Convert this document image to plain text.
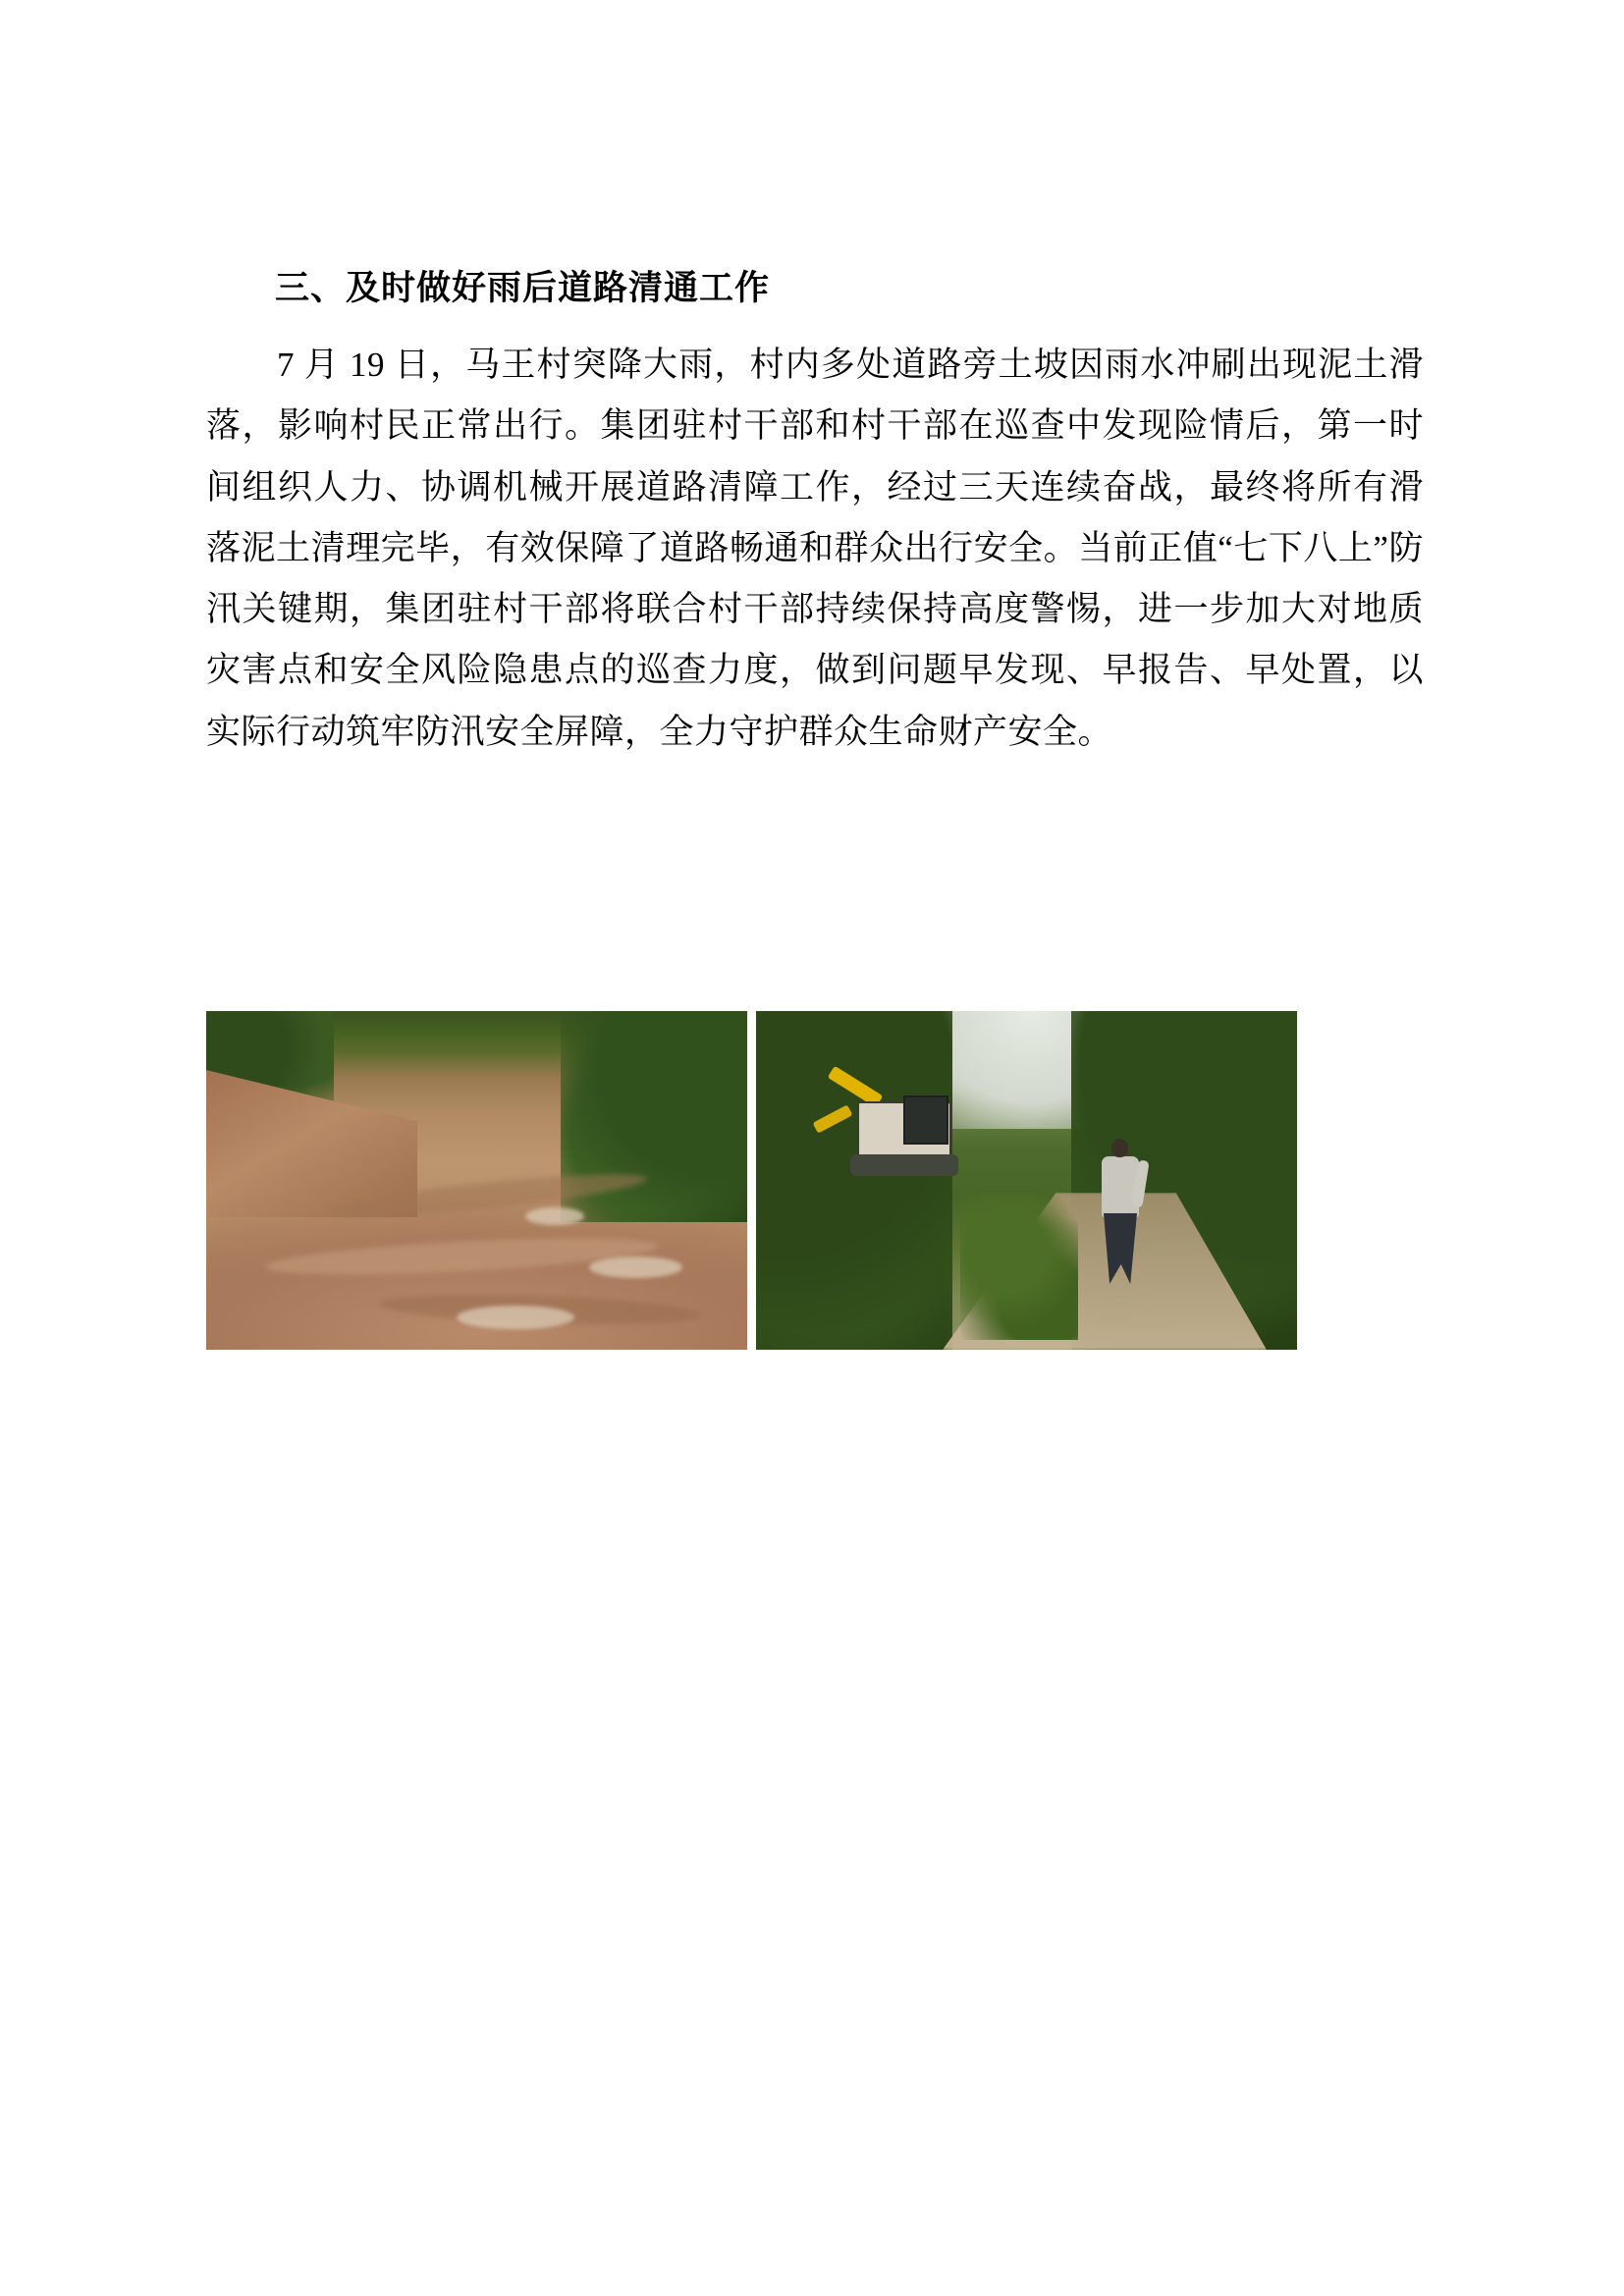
三、及时做好雨后道路清通工作

7 月 19 日，马王村突降大雨，村内多处道路旁土坡因雨水冲刷出现泥土滑落，影响村民正常出行。集团驻村干部和村干部在巡查中发现险情后，第一时间组织人力、协调机械开展道路清障工作，经过三天连续奋战，最终将所有滑落泥土清理完毕，有效保障了道路畅通和群众出行安全。当前正值“七下八上”防汛关键期，集团驻村干部将联合村干部持续保持高度警惕，进一步加大对地质灾害点和安全风险隐患点的巡查力度，做到问题早发现、早报告、早处置，以实际行动筑牢防汛安全屏障，全力守护群众生命财产安全。
